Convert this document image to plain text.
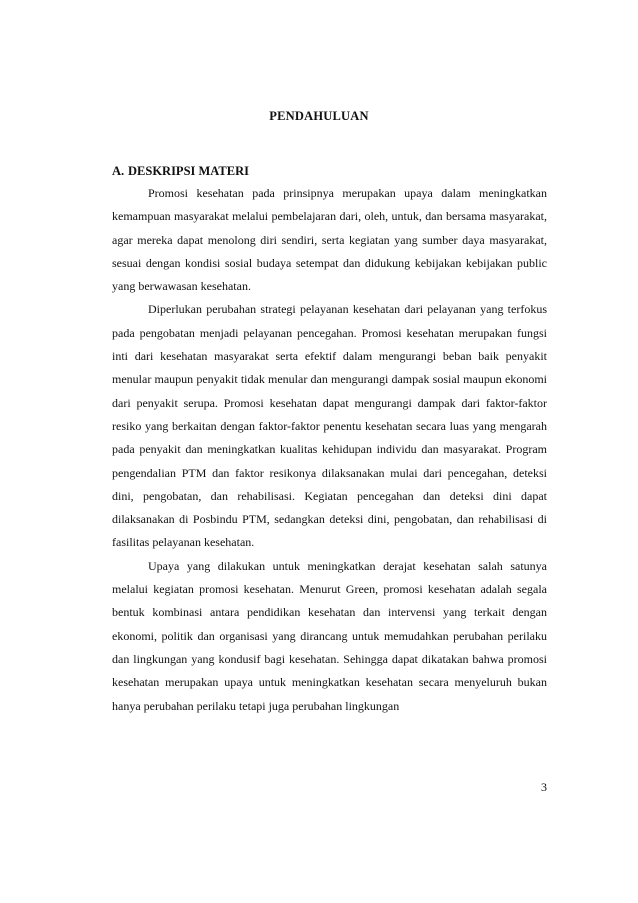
PENDAHULUAN
A. DESKRIPSI MATERI

Promosi kesehatan pada prinsipnya merupakan upaya dalam meningkatkan kemampuan masyarakat melalui pembelajaran dari, oleh, untuk, dan bersama masyarakat, agar mereka dapat menolong diri sendiri, serta kegiatan yang sumber daya masyarakat, sesuai dengan kondisi sosial budaya setempat dan didukung kebijakan kebijakan public yang berwawasan kesehatan.

Diperlukan perubahan strategi pelayanan kesehatan dari pelayanan yang terfokus pada pengobatan menjadi pelayanan pencegahan. Promosi kesehatan merupakan fungsi inti dari kesehatan masyarakat serta efektif dalam mengurangi beban baik penyakit menular maupun penyakit tidak menular dan mengurangi dampak sosial maupun ekonomi dari penyakit serupa. Promosi kesehatan dapat mengurangi dampak dari faktor-faktor resiko yang berkaitan dengan faktor-faktor penentu kesehatan secara luas yang mengarah pada penyakit dan meningkatkan kualitas kehidupan individu dan masyarakat. Program pengendalian PTM dan faktor resikonya dilaksanakan mulai dari pencegahan, deteksi dini, pengobatan, dan rehabilisasi. Kegiatan pencegahan dan deteksi dini dapat dilaksanakan di Posbindu PTM, sedangkan deteksi dini, pengobatan, dan rehabilisasi di fasilitas pelayanan kesehatan.

Upaya yang dilakukan untuk meningkatkan derajat kesehatan salah satunya melalui kegiatan promosi kesehatan. Menurut Green, promosi kesehatan adalah segala bentuk kombinasi antara pendidikan kesehatan dan intervensi yang terkait dengan ekonomi, politik dan organisasi yang dirancang untuk memudahkan perubahan perilaku dan lingkungan yang kondusif bagi kesehatan. Sehingga dapat dikatakan bahwa promosi kesehatan merupakan upaya untuk meningkatkan kesehatan secara menyeluruh bukan hanya perubahan perilaku tetapi juga perubahan lingkungan

3
